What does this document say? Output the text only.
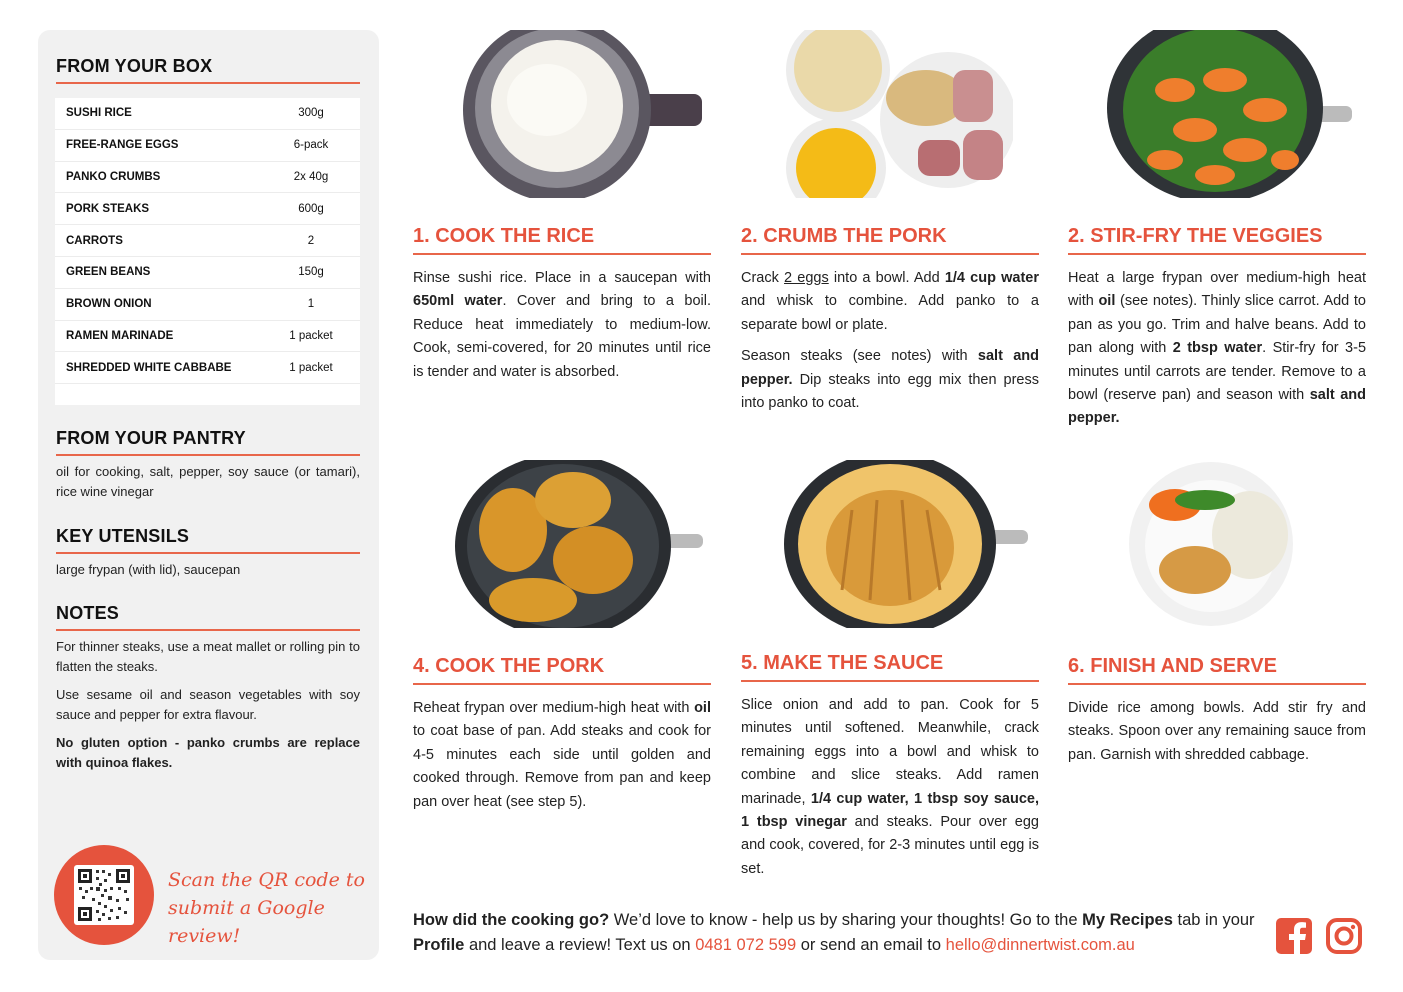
FROM YOUR BOX
SUSHI RICE	300g
FREE-RANGE EGGS	6-pack
PANKO CRUMBS	2x 40g
PORK STEAKS	600g
CARROTS	2
GREEN BEANS	150g
BROWN ONION	1
RAMEN MARINADE	1 packet
SHREDDED WHITE CABBABE	1 packet
FROM YOUR PANTRY
oil for cooking, salt, pepper, soy sauce (or tamari), rice wine vinegar
KEY UTENSILS
large frypan (with lid), saucepan
NOTES

For thinner steaks, use a meat mallet or rolling pin to flatten the steaks.

Use sesame oil and season vegetables with soy sauce and pepper for extra flavour.

No gluten option - panko crumbs are replace with quinoa flakes.

Scan the QR code to
submit a Google review!
1. COOK THE RICE

Rinse sushi rice. Place in a saucepan with 650ml water. Cover and bring to a boil. Reduce heat immediately to medium-low. Cook, semi-covered, for 20 minutes until rice is tender and water is absorbed.

2. CRUMB THE PORK

Crack 2 eggs into a bowl. Add 1/4 cup water and whisk to combine. Add panko to a separate bowl or plate.

Season steaks (see notes) with salt and pepper. Dip steaks into egg mix then press into panko to coat.

2. STIR-FRY THE VEGGIES

Heat a large frypan over medium-high heat with oil (see notes). Thinly slice carrot. Add to pan as you go. Trim and halve beans. Add to pan along with 2 tbsp water. Stir-fry for 3-5 minutes until carrots are tender. Remove to a bowl (reserve pan) and season with salt and pepper.

4. COOK THE PORK

Reheat frypan over medium-high heat with oil to coat base of pan. Add steaks and cook for 4-5 minutes each side until golden and cooked through. Remove from pan and keep pan over heat (see step 5).

5. MAKE THE SAUCE

Slice onion and add to pan. Cook for 5 minutes until softened. Meanwhile, crack remaining eggs into a bowl and whisk to combine and slice steaks. Add ramen marinade, 1/4 cup water, 1 tbsp soy sauce, 1 tbsp vinegar and steaks. Pour over egg and cook, covered, for 2-3 minutes until egg is set.

6. FINISH AND SERVE

Divide rice among bowls. Add stir fry and steaks. Spoon over any remaining sauce from pan. Garnish with shredded cabbage.

How did the cooking go? We’d love to know - help us by sharing your thoughts! Go to the My Recipes tab in your Profile and leave a review! Text us on 0481 072 599 or send an email to hello@dinnertwist.com.au
